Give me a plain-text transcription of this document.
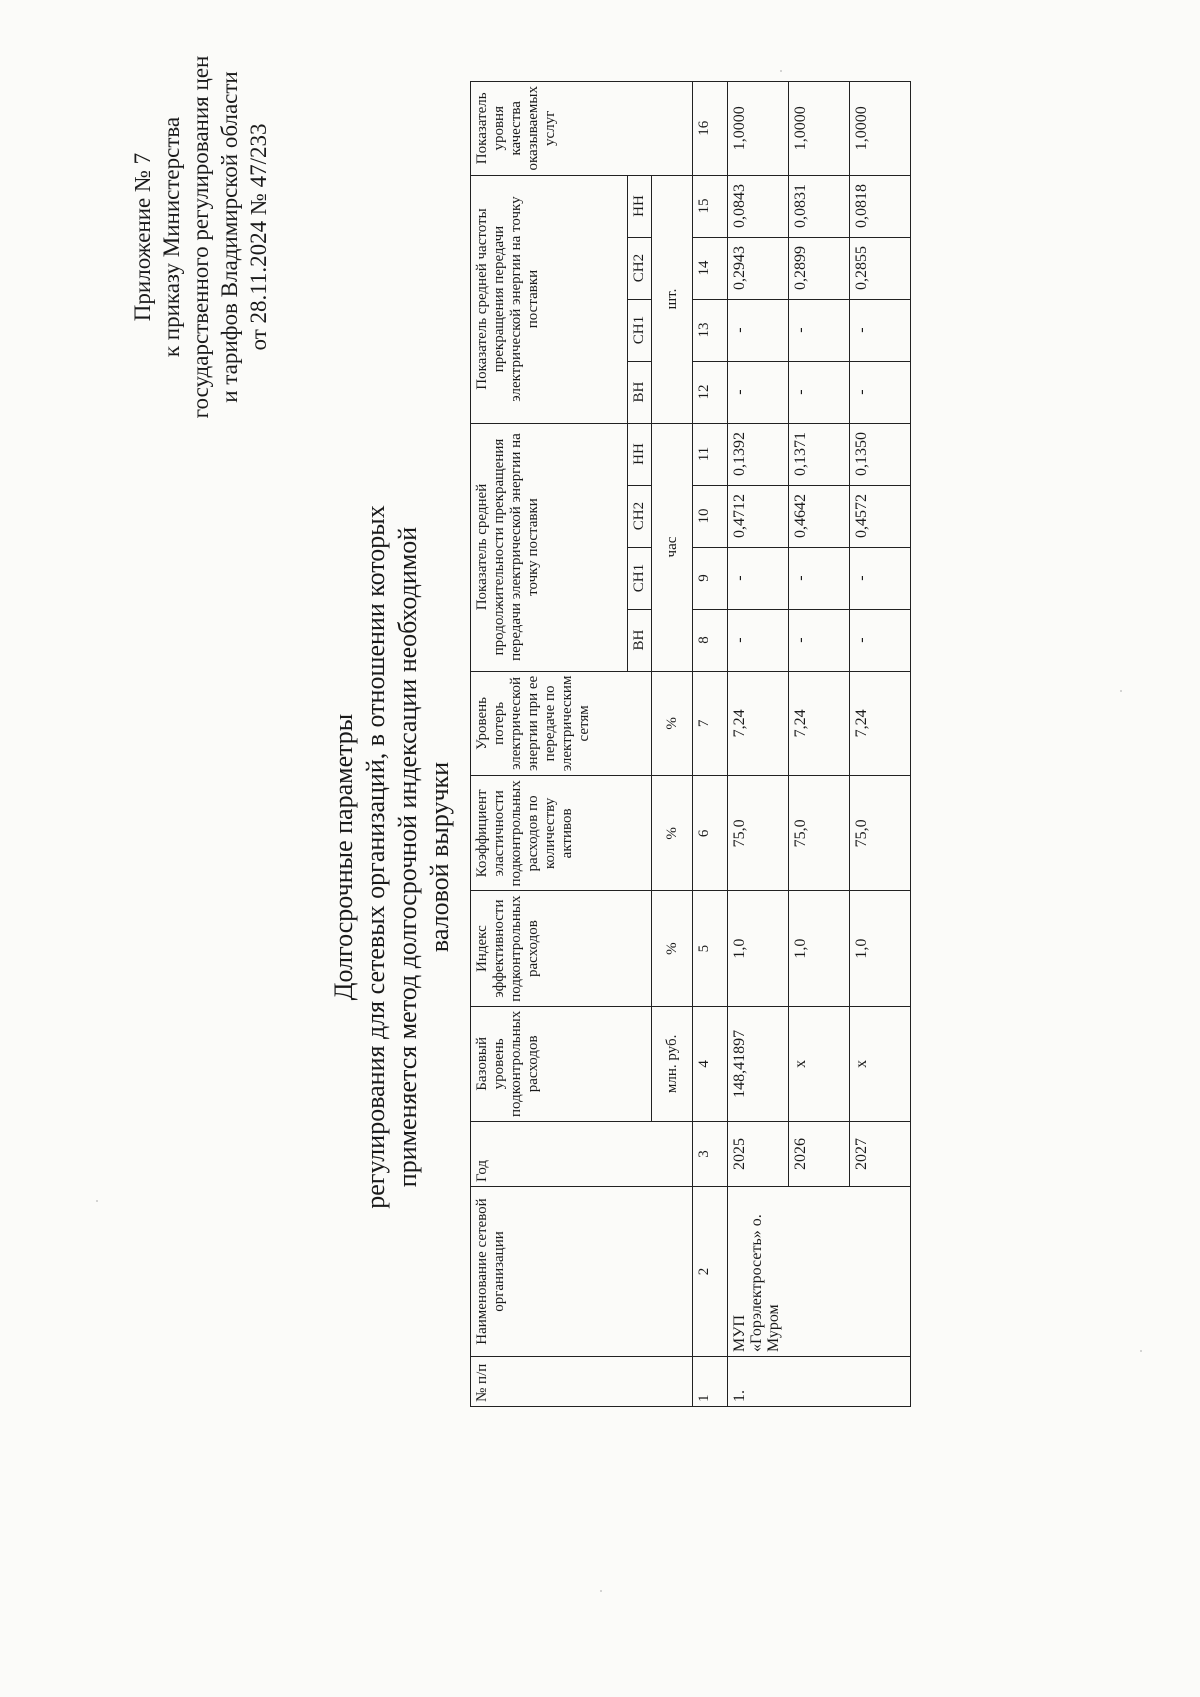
Приложение № 7 к приказу Министерства государственного регулирования цен и тарифов Владимирской области от 28.11.2024 № 47/233
Долгосрочные параметры регулирования для сетевых организаций, в отношении которых применяется метод долгосрочной индексации необходимой валовой выручки
№ п/п	Наименование сетевой организации	Год	Базовый уровень подконтрольных расходов	Индекс эффективности подконтрольных расходов	Коэффициент эластичности подконтрольных расходов по количеству активов	Уровень потерь электрической энергии при ее передаче по электрическим сетям	Показатель средней продолжительности прекращения передачи электрической энергии на точку поставки				Показатель средней частоты прекращения передачи электрической энергии на точку поставки				Показатель уровня качества оказываемых услуг
							ВН	СН1	СН2	НН	ВН	СН1	СН2	НН	
			млн. руб.	%	%	%	час				шт.				
1	2	3	4	5	6	7	8	9	10	11	12	13	14	15	16
1.	МУП «Горэлектросеть» о. Муром	2025	148,41897	1,0	75,0	7,24	-	-	0,4712	0,1392	-	-	0,2943	0,0843	1,0000
		2026	x	1,0	75,0	7,24	-	-	0,4642	0,1371	-	-	0,2899	0,0831	1,0000
		2027	x	1,0	75,0	7,24	-	-	0,4572	0,1350	-	-	0,2855	0,0818	1,0000
